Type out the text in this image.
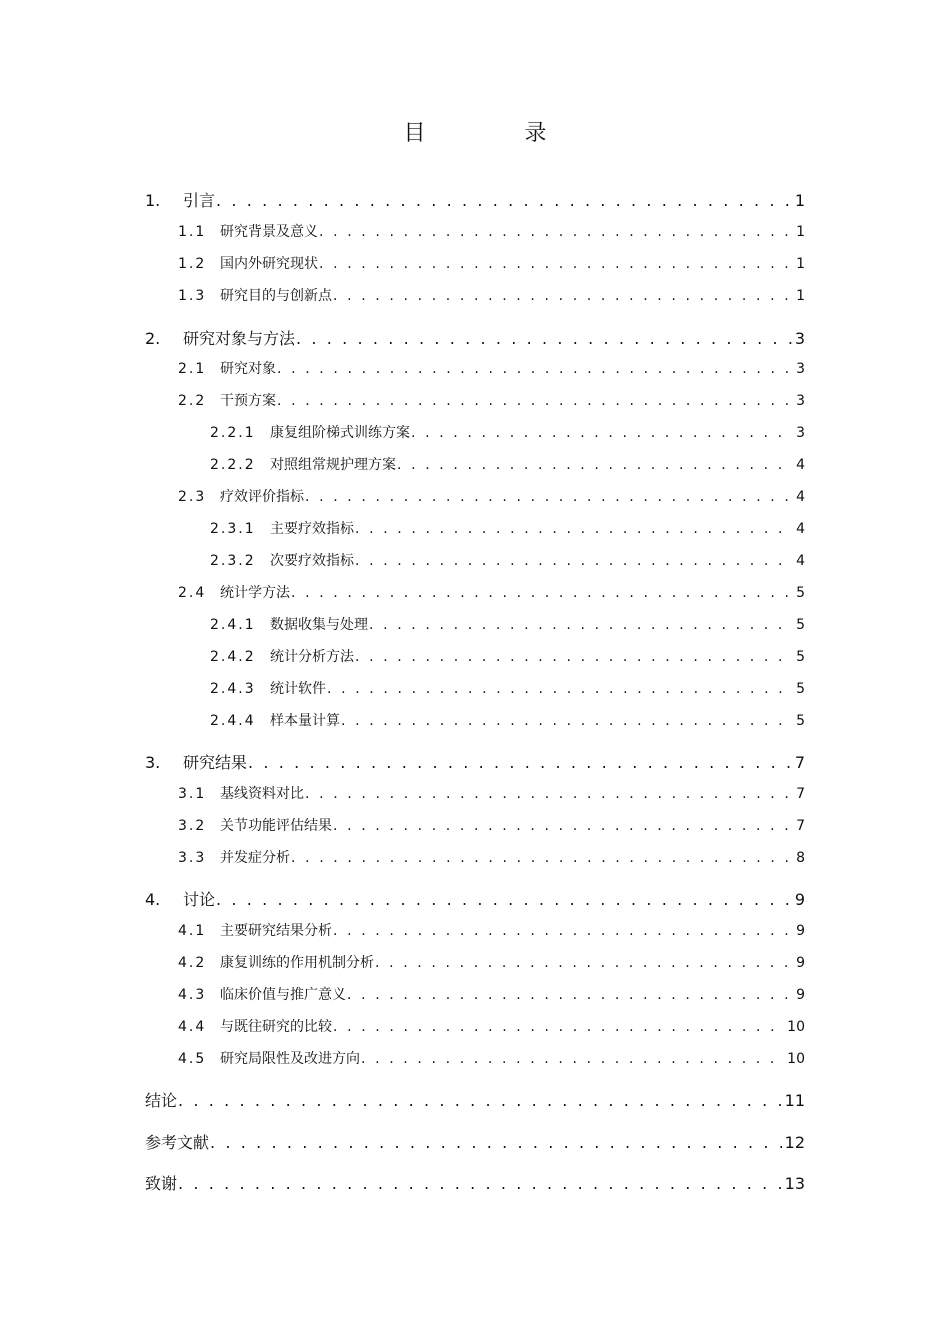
目 录
1.	引言 . . .	1
1.1 研究背景及意义 . . .	1
1.2 国内外研究现状 . . .	1
1.3 研究目的与创新点 . . .	1
2.	研究对象与方法 . . .	3
2.1 研究对象 . . .	3
2.2 干预方案 . . .	3
2.2.1	康复组阶梯式训练方案 . . .	3
2.2.2	对照组常规护理方案 . . .	4
2.3 疗效评价指标 . . .	4
2.3.1	主要疗效指标 . . .	4
2.3.2	次要疗效指标 . . .	4
2.4 统计学方法 . . .	5
2.4.1	数据收集与处理 . . .	5
2.4.2	统计分析方法 . . .	5
2.4.3	统计软件 . . .	5
2.4.4	样本量计算 . . .	5
3.	研究结果 . . .	7
3.1 基线资料对比 . . .	7
3.2 关节功能评估结果 . . .	7
3.3 并发症分析 . . .	8
4.	讨论 . . .	9
4.1 主要研究结果分析 . . .	9
4.2 康复训练的作用机制分析 . . .	9
4.3 临床价值与推广意义 . . .	9
4.4 与既往研究的比较 . . .	10
4.5 研究局限性及改进方向 . . .	10
结论 . . .	11
参考文献 . . .	12
致谢 . . .	13
